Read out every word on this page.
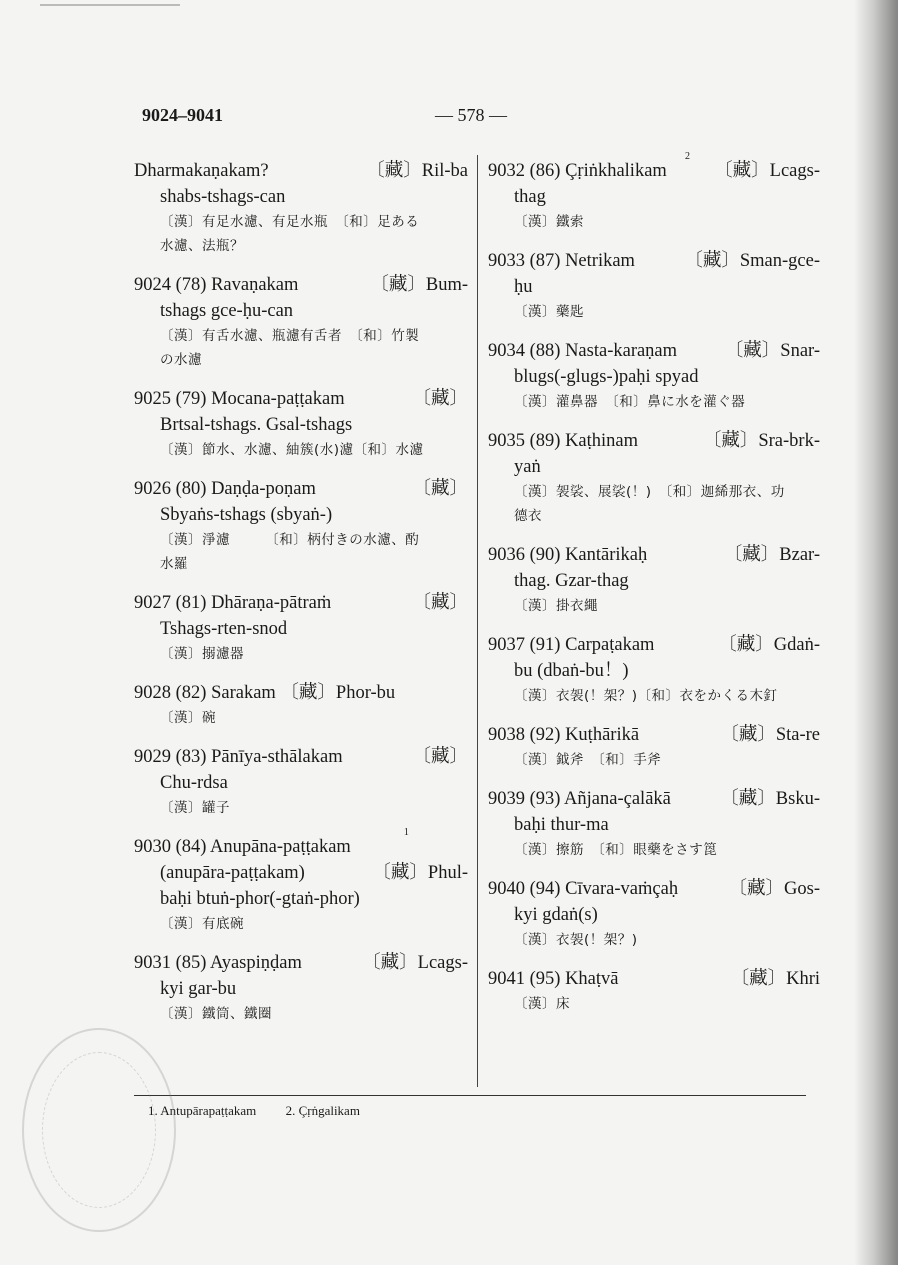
9024–9041	— 578 —
Dharmakaṇakam?	〔藏〕Ril-ba
shabs-tshags-can
〔漢〕有足水濾、有足水瓶　〔和〕足ある
水濾、法瓶？
9024 (78) Ravaṇakam	〔藏〕Bum-
tshags gce-ḥu-can
〔漢〕有舌水濾、瓶濾有舌者　〔和〕竹製
の水濾
9025 (79) Mocana-paṭṭakam	〔藏〕
Brtsal-tshags. Gsal-tshags
〔漢〕節水、水濾、紬簇(水)濾〔和〕水濾
9026 (80) Daṇḍa-poṇam	〔藏〕
Sbyaṅs-tshags (sbyaṅ-)
〔漢〕淨濾　　　〔和〕柄付きの水濾、酌
水羅
9027 (81) Dhāraṇa-pātraṁ	〔藏〕
Tshags-rten-snod
〔漢〕搦濾器
9028 (82) Sarakam 〔藏〕Phor-bu
〔漢〕碗
9029 (83) Pānīya-sthālakam	〔藏〕
Chu-rdsa
〔漢〕罐子
9030 (84) Anupāna-paṭṭakam
1
(anupāra-paṭṭakam)	〔藏〕Phul-
baḥi btuṅ-phor(-gtaṅ-phor)
〔漢〕有底碗
9031 (85) Ayaspiṇḍam	〔藏〕Lcags-
kyi gar-bu
〔漢〕鐵筒、鐵圈
9032 (86) Çṛiṅkhalikam
2
〔藏〕Lcags-
thag
〔漢〕鐵索
9033 (87) Netrikam	〔藏〕Sman-gce-
ḥu
〔漢〕藥匙
9034 (88) Nasta-karaṇam	〔藏〕Snar-
blugs(-glugs-)paḥi spyad
〔漢〕灌鼻器　〔和〕鼻に水を灌ぐ器
9035 (89) Kaṭhinam	〔藏〕Sra-brk-
yaṅ
〔漢〕袈裟、展裟(！)　〔和〕迦絺那衣、功
德衣
9036 (90) Kantārikaḥ	〔藏〕Bzar-
thag. Gzar-thag
〔漢〕掛衣繩
9037 (91) Carpaṭakam	〔藏〕Gdaṅ-
bu (dbaṅ-bu！)
〔漢〕衣袈(！架？)〔和〕衣をかくる木釘
9038 (92) Kuṭhārikā	〔藏〕Sta-re
〔漢〕鉞斧　〔和〕手斧
9039 (93) Añjana-çalākā	〔藏〕Bsku-
baḥi thur-ma
〔漢〕擦筋　〔和〕眼藥をさす箆
9040 (94) Cīvara-vaṁçaḥ	〔藏〕Gos-
kyi gdaṅ(s)
〔漢〕衣袈(！架？)
9041 (95) Khaṭvā	〔藏〕Khri
〔漢〕床
1. Antupārapaṭṭakam 2. Çṛṅgalikam
